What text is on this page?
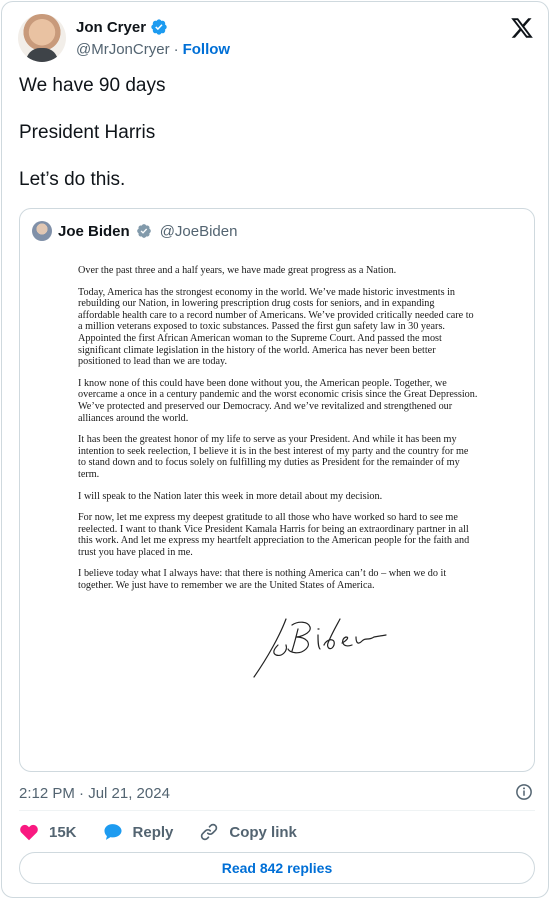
Jon Cryer
@MrJonCryer · Follow

We have 90 days

President Harris

Let’s do this.

Joe Biden @JoeBiden

Over the past three and a half years, we have made great progress as a Nation.

Today, America has the strongest economy in the world. We’ve made historic investments in rebuilding our Nation, in lowering prescription drug costs for seniors, and in expanding affordable health care to a record number of Americans. We’ve provided critically needed care to a million veterans exposed to toxic substances. Passed the first gun safety law in 30 years. Appointed the first African American woman to the Supreme Court. And passed the most significant climate legislation in the history of the world. America has never been better positioned to lead than we are today.

I know none of this could have been done without you, the American people. Together, we overcame a once in a century pandemic and the worst economic crisis since the Great Depression. We’ve protected and preserved our Democracy. And we’ve revitalized and strengthened our alliances around the world.

It has been the greatest honor of my life to serve as your President. And while it has been my intention to seek reelection, I believe it is in the best interest of my party and the country for me to stand down and to focus solely on fulfilling my duties as President for the remainder of my term.

I will speak to the Nation later this week in more detail about my decision.

For now, let me express my deepest gratitude to all those who have worked so hard to see me reelected. I want to thank Vice President Kamala Harris for being an extraordinary partner in all this work. And let me express my heartfelt appreciation to the American people for the faith and trust you have placed in me.

I believe today what I always have: that there is nothing America can’t do – when we do it together. We just have to remember we are the United States of America.

2:12 PM · Jul 21, 2024
15K	Reply	Copy link
Read 842 replies
